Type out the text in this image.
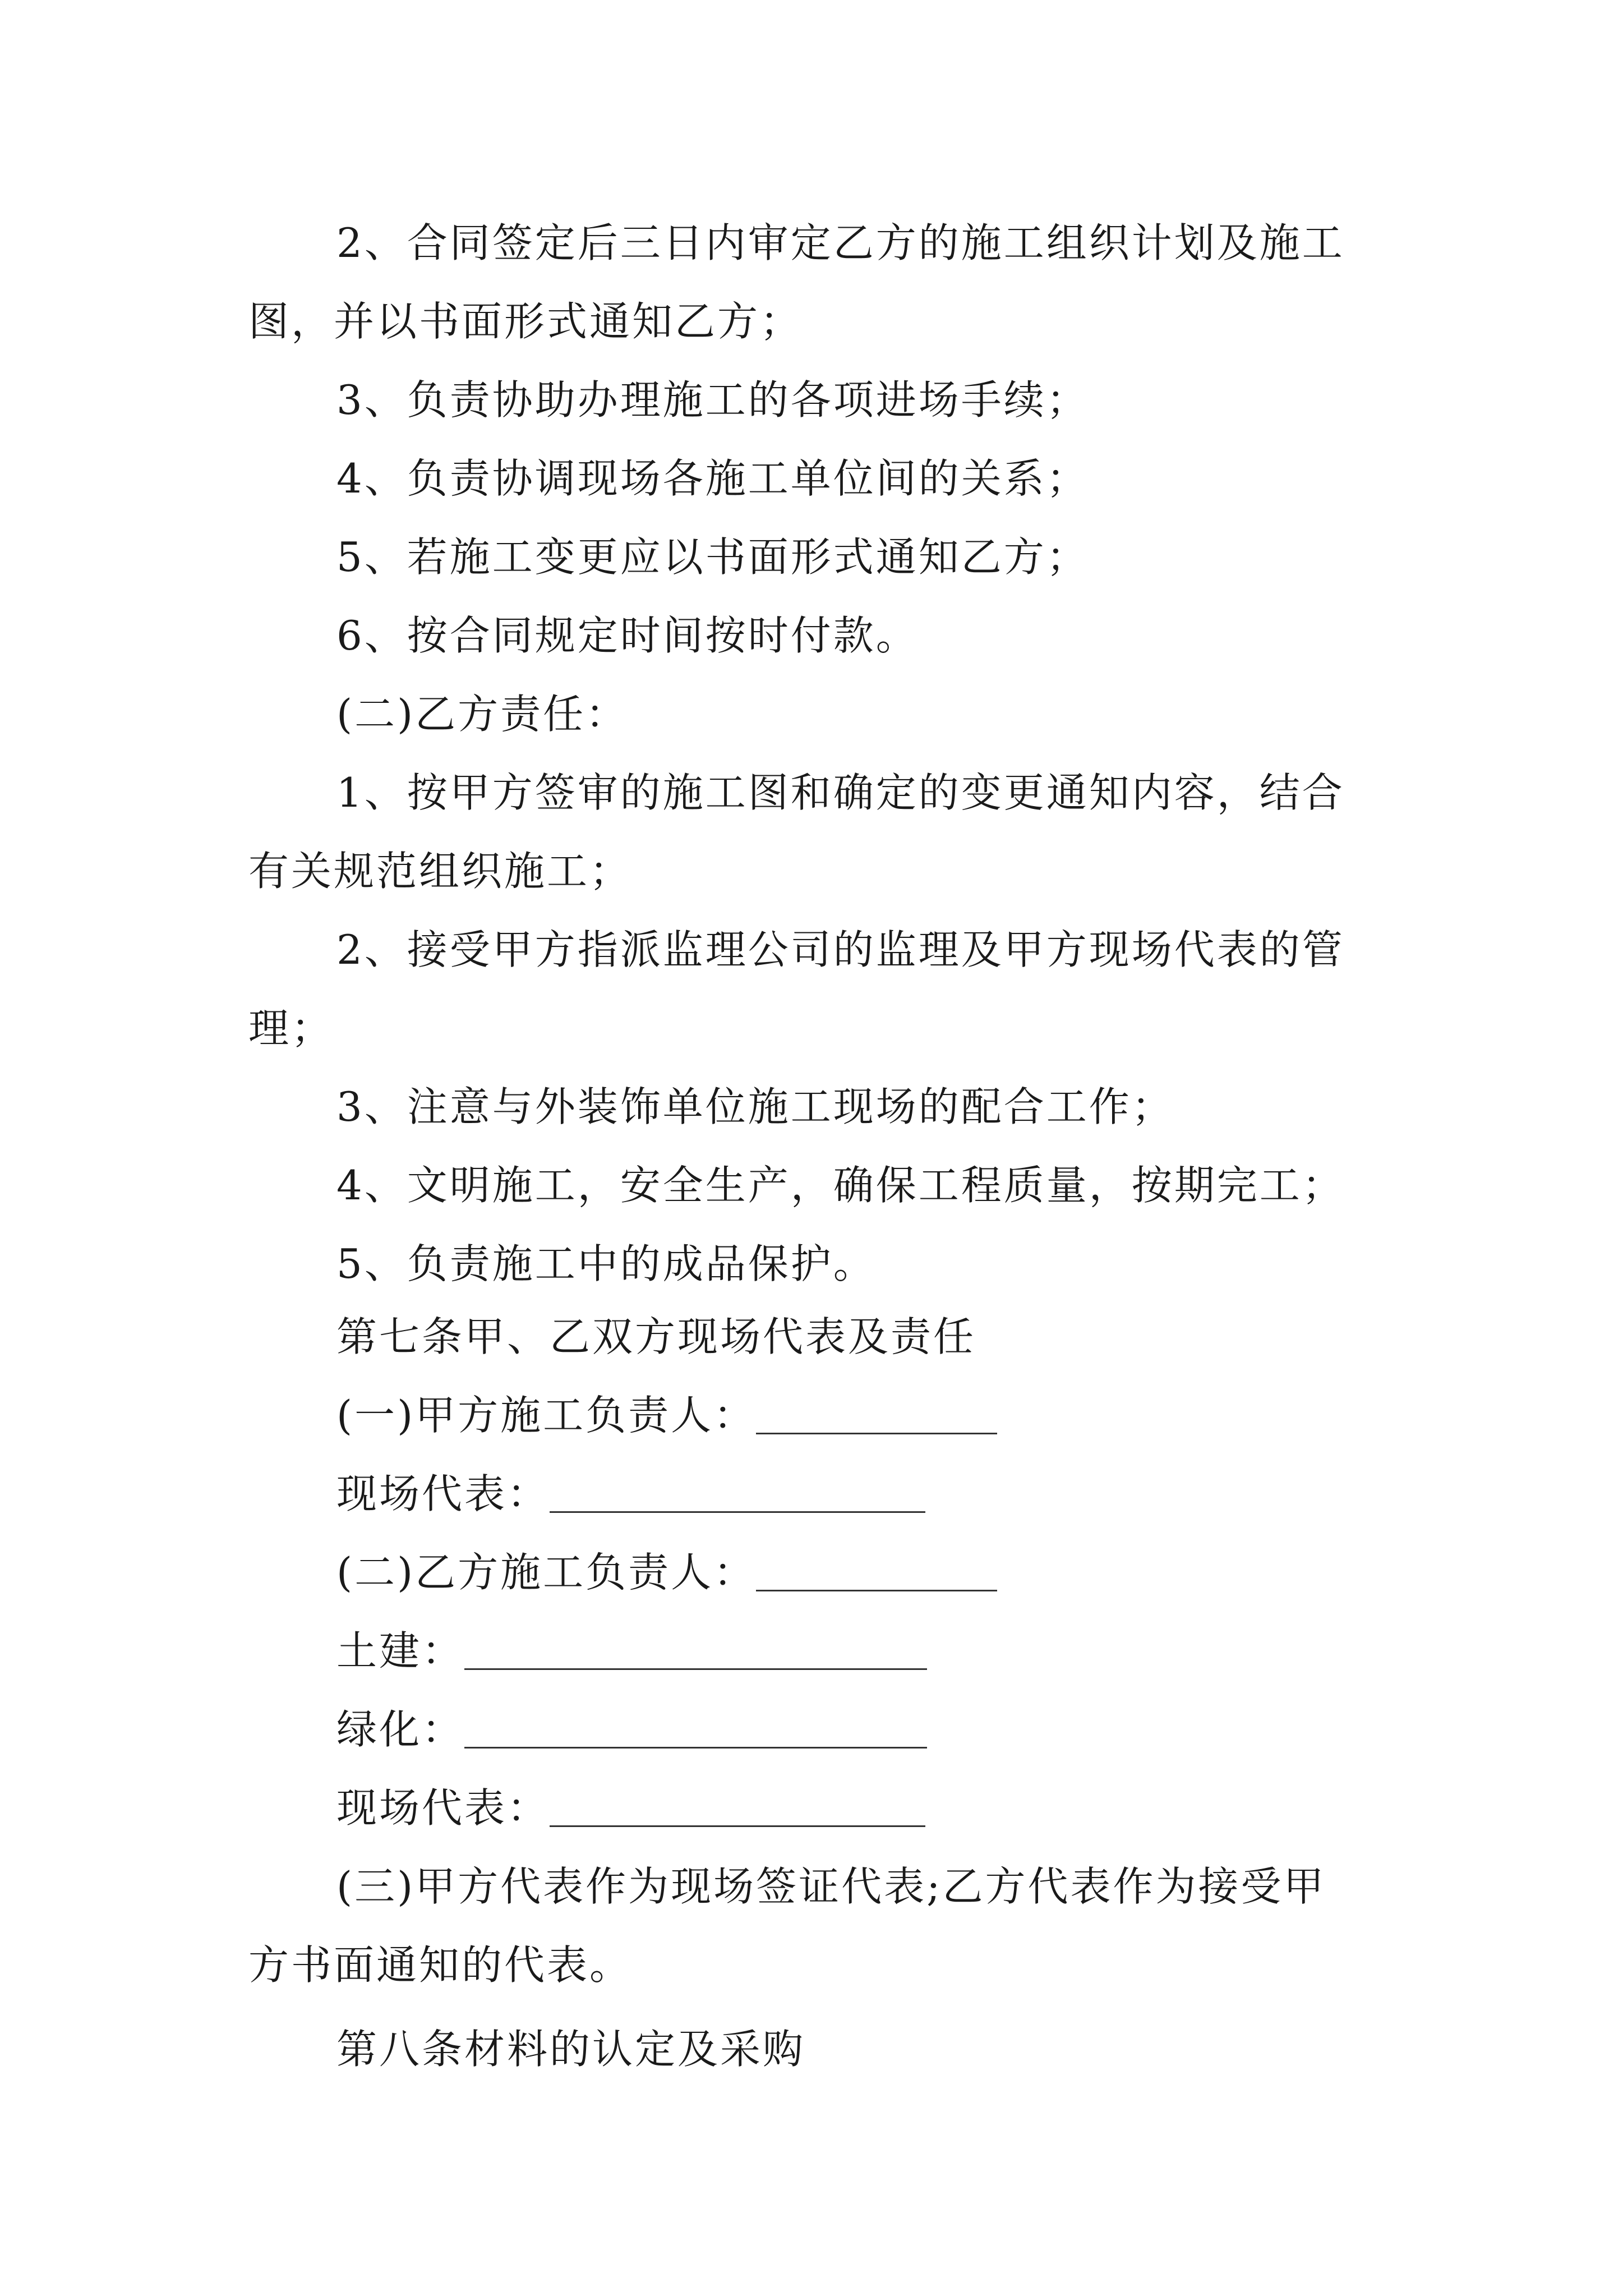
2、合同签定后三日内审定乙方的施工组织计划及施工
图，并以书面形式通知乙方；
3、负责协助办理施工的各项进场手续；
4、负责协调现场各施工单位间的关系；
5、若施工变更应以书面形式通知乙方；
6、按合同规定时间按时付款。
(二)乙方责任：
1、按甲方签审的施工图和确定的变更通知内容，结合
有关规范组织施工；
2、接受甲方指派监理公司的监理及甲方现场代表的管
理；
3、注意与外装饰单位施工现场的配合工作；
4、文明施工，安全生产，确保工程质量，按期完工；
5、负责施工中的成品保护。
第七条甲、乙双方现场代表及责任
(一)甲方施工负责人：
现场代表：
(二)乙方施工负责人：
土建：
绿化：
现场代表：
(三)甲方代表作为现场签证代表;乙方代表作为接受甲
方书面通知的代表。
第八条材料的认定及采购
